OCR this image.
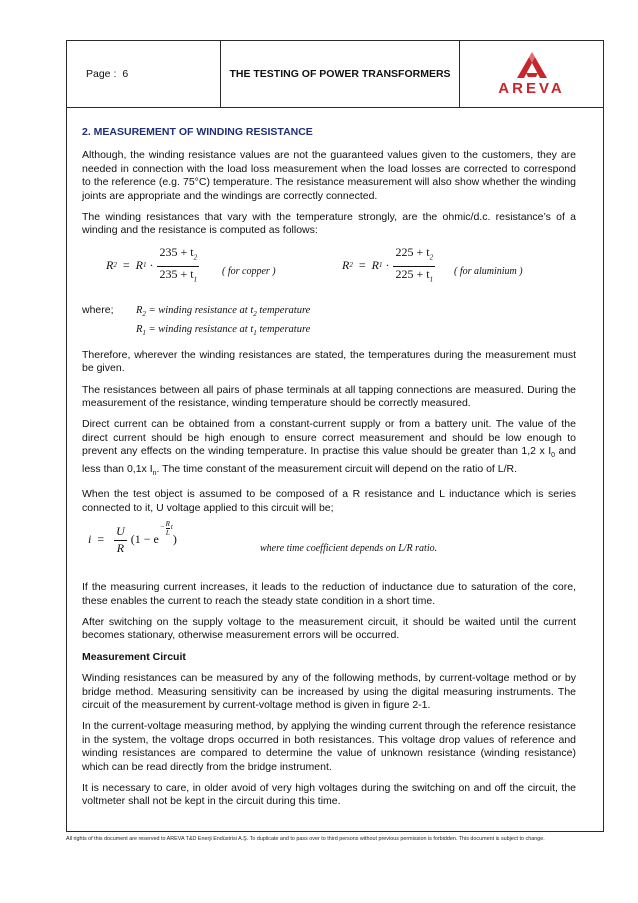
Page : 6	THE TESTING OF POWER TRANSFORMERS
AREVA

2. MEASUREMENT OF WINDING RESISTANCE

Although, the winding resistance values are not the guaranteed values given to the customers, they are needed in connection with the load loss measurement when the load losses are corrected to correspond to the reference (e.g. 75°C) temperature. The resistance measurement will also show whether the winding joints are appropriate and the windings are correctly connected.

The winding resistances that vary with the temperature strongly, are the ohmic/d.c. resistance’s of a winding and the resistance is computed as follows:

R 2 = R $1 \cdot \frac{235 + t_2}{235 + t_1}$ ( for copper )	R 2 = R $1 \cdot \frac{225 + t_2}{225 + t_1}$ ( for aluminium )
where;	$R_2$ = winding resistance at $t_2$ temperature
$R_1$ = winding resistance at $t_1$ temperature

Therefore, wherever the winding resistances are stated, the temperatures during the measurement must be given.

The resistances between all pairs of phase terminals at all tapping connections are measured. During the measurement of the resistance, winding temperature should be correctly measured.

Direct current can be obtained from a constant-current supply or from a battery unit. The value of the direct current should be high enough to ensure correct measurement and should be low enough to prevent any effects on the winding temperature. In practise this value should be greater than 1,2 x $I_0$ and less than 0,1x $I_n$. The time constant of the measurement circuit will depend on the ratio of L/R.

When the test object is assumed to be composed of a R resistance and L inductance which is series connected to it, U voltage applied to this circuit will be;

$i = \frac{U}{R} (1 - e$
− $\frac{R}{L}$ t
)
where time coefficient depends on L/R ratio.

If the measuring current increases, it leads to the reduction of inductance due to saturation of the core, these enables the current to reach the steady state condition in a short time.

After switching on the supply voltage to the measurement circuit, it should be waited until the current becomes stationary, otherwise measurement errors will be occurred.

Measurement Circuit

Winding resistances can be measured by any of the following methods, by current-voltage method or by bridge method. Measuring sensitivity can be increased by using the digital measuring instruments. The circuit of the measurement by current-voltage method is given in figure 2-1.

In the current-voltage measuring method, by applying the winding current through the reference resistance in the system, the voltage drops occurred in both resistances. This voltage drop values of reference and winding resistances are compared to determine the value of unknown resistance (winding resistance) which can be read directly from the bridge instrument.

It is necessary to care, in older avoid of very high voltages during the switching on and off the circuit, the voltmeter shall not be kept in the circuit during this time.

All rights of this document are reserved to AREVA T&D Enerji Endüstrisi A.Ş. To duplicate and to pass over to third persons without previous permission is forbidden. This document is subject to change.
